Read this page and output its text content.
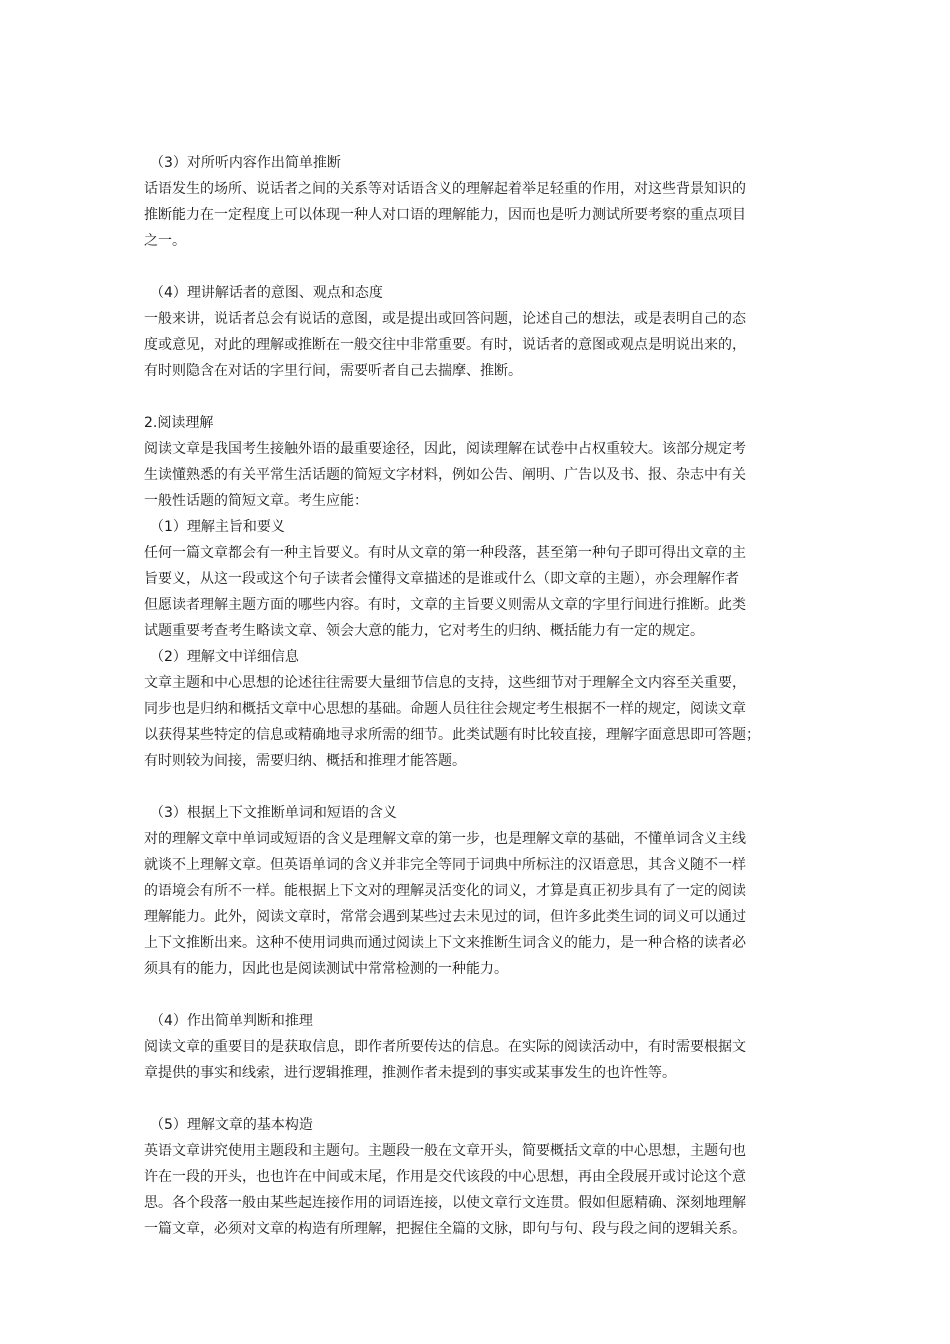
（3）对所听内容作出简单推断
话语发生的场所、说话者之间的关系等对话语含义的理解起着举足轻重的作用，对这些背景知识的
推断能力在一定程度上可以体现一种人对口语的理解能力，因而也是听力测试所要考察的重点项目
之一。
（4）理讲解话者的意图、观点和态度
一般来讲，说话者总会有说话的意图，或是提出或回答问题，论述自己的想法，或是表明自己的态
度或意见，对此的理解或推断在一般交往中非常重要。有时，说话者的意图或观点是明说出来的，
有时则隐含在对话的字里行间，需要听者自己去揣摩、推断。
2.阅读理解
阅读文章是我国考生接触外语的最重要途径，因此，阅读理解在试卷中占权重较大。该部分规定考
生读懂熟悉的有关平常生活话题的简短文字材料，例如公告、阐明、广告以及书、报、杂志中有关
一般性话题的简短文章。考生应能：
（1）理解主旨和要义
任何一篇文章都会有一种主旨要义。有时从文章的第一种段落，甚至第一种句子即可得出文章的主
旨要义，从这一段或这个句子读者会懂得文章描述的是谁或什么（即文章的主题），亦会理解作者
但愿读者理解主题方面的哪些内容。有时，文章的主旨要义则需从文章的字里行间进行推断。此类
试题重要考查考生略读文章、领会大意的能力，它对考生的归纳、概括能力有一定的规定。
（2）理解文中详细信息
文章主题和中心思想的论述往往需要大量细节信息的支持，这些细节对于理解全文内容至关重要，
同步也是归纳和概括文章中心思想的基础。命题人员往往会规定考生根据不一样的规定，阅读文章
以获得某些特定的信息或精确地寻求所需的细节。此类试题有时比较直接，理解字面意思即可答题；
有时则较为间接，需要归纳、概括和推理才能答题。
（3）根据上下文推断单词和短语的含义
对的理解文章中单词或短语的含义是理解文章的第一步，也是理解文章的基础，不懂单词含义主线
就谈不上理解文章。但英语单词的含义并非完全等同于词典中所标注的汉语意思，其含义随不一样
的语境会有所不一样。能根据上下文对的理解灵活变化的词义，才算是真正初步具有了一定的阅读
理解能力。此外，阅读文章时，常常会遇到某些过去未见过的词，但许多此类生词的词义可以通过
上下文推断出来。这种不使用词典而通过阅读上下文来推断生词含义的能力，是一种合格的读者必
须具有的能力，因此也是阅读测试中常常检测的一种能力。
（4）作出简单判断和推理
阅读文章的重要目的是获取信息，即作者所要传达的信息。在实际的阅读活动中，有时需要根据文
章提供的事实和线索，进行逻辑推理，推测作者未提到的事实或某事发生的也许性等。
（5）理解文章的基本构造
英语文章讲究使用主题段和主题句。主题段一般在文章开头，简要概括文章的中心思想，主题句也
许在一段的开头，也也许在中间或末尾，作用是交代该段的中心思想，再由全段展开或讨论这个意
思。各个段落一般由某些起连接作用的词语连接，以使文章行文连贯。假如但愿精确、深刻地理解
一篇文章，必须对文章的构造有所理解，把握住全篇的文脉，即句与句、段与段之间的逻辑关系。
